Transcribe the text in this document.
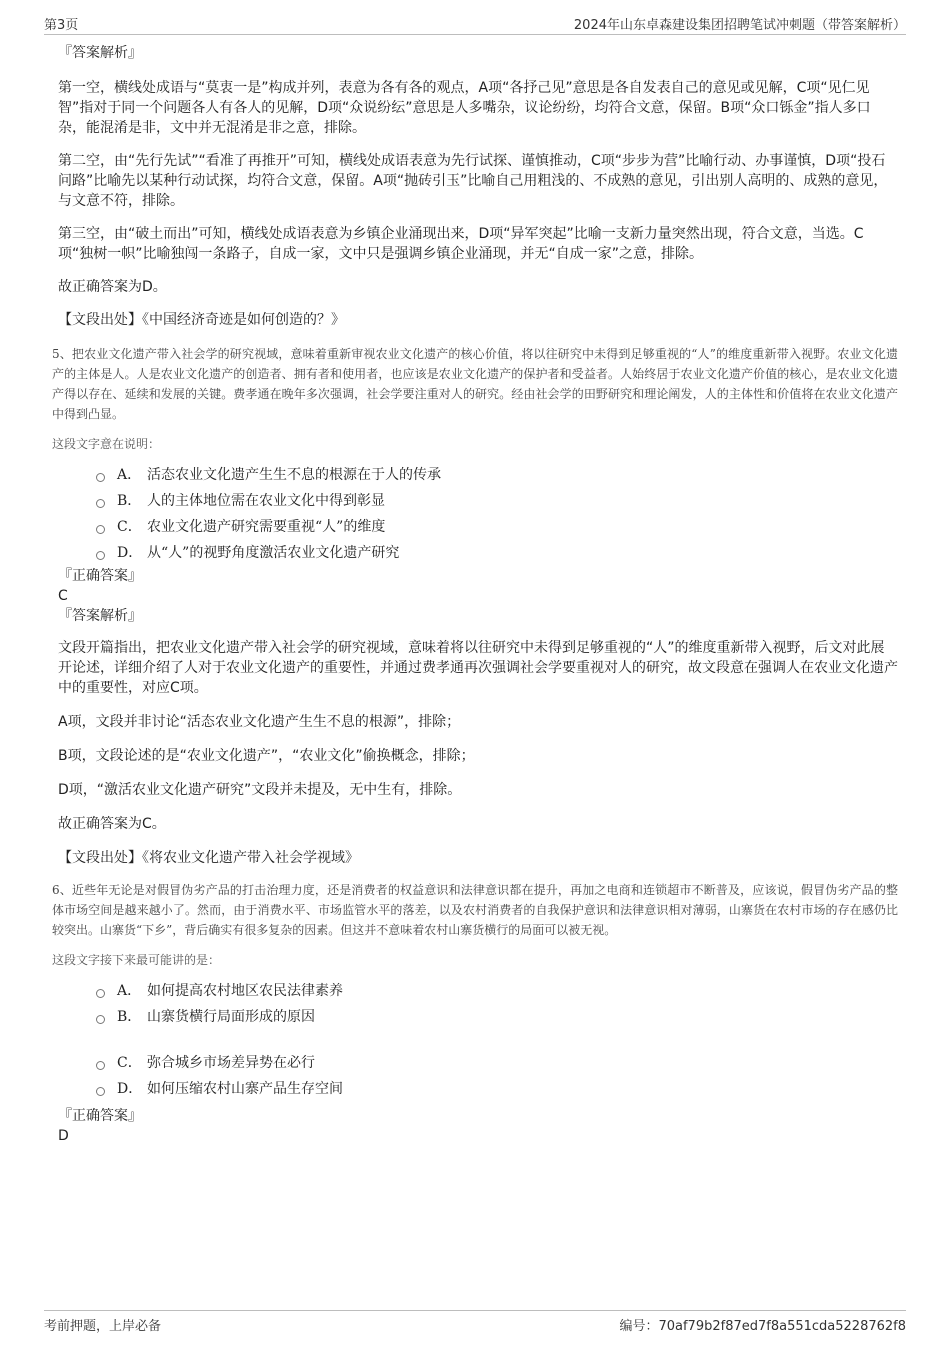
第3页	2024年山东卓森建设集团招聘笔试冲刺题（带答案解析）

『答案解析』

第一空，横线处成语与“莫衷一是”构成并列，表意为各有各的观点，A项“各抒己见”意思是各自发表自己的意见或见解，C项“见仁见智”指对于同一个问题各人有各人的见解，D项“众说纷纭”意思是人多嘴杂，议论纷纷，均符合文意，保留。B项“众口铄金”指人多口杂，能混淆是非，文中并无混淆是非之意，排除。

第二空，由“先行先试”“看准了再推开”可知，横线处成语表意为先行试探、谨慎推动，C项“步步为营”比喻行动、办事谨慎，D项“投石问路”比喻先以某种行动试探，均符合文意，保留。A项“抛砖引玉”比喻自己用粗浅的、不成熟的意见，引出别人高明的、成熟的意见，与文意不符，排除。

第三空，由“破土而出”可知，横线处成语表意为乡镇企业涌现出来，D项“异军突起”比喻一支新力量突然出现，符合文意，当选。C项“独树一帜”比喻独闯一条路子，自成一家，文中只是强调乡镇企业涌现，并无“自成一家”之意，排除。

故正确答案为D。

【文段出处】《中国经济奇迹是如何创造的？》

5、把农业文化遗产带入社会学的研究视域，意味着重新审视农业文化遗产的核心价值，将以往研究中未得到足够重视的“人”的维度重新带入视野。农业文化遗产的主体是人。人是农业文化遗产的创造者、拥有者和使用者，也应该是农业文化遗产的保护者和受益者。人始终居于农业文化遗产价值的核心，是农业文化遗产得以存在、延续和发展的关键。费孝通在晚年多次强调，社会学要注重对人的研究。经由社会学的田野研究和理论阐发，人的主体性和价值将在农业文化遗产中得到凸显。

这段文字意在说明：

A． 活态农业文化遗产生生不息的根源在于人的传承
B． 人的主体地位需在农业文化中得到彰显
C． 农业文化遗产研究需要重视“人”的维度
D． 从“人”的视野角度激活农业文化遗产研究

『正确答案』

C

『答案解析』

文段开篇指出，把农业文化遗产带入社会学的研究视域，意味着将以往研究中未得到足够重视的“人”的维度重新带入视野，后文对此展开论述，详细介绍了人对于农业文化遗产的重要性，并通过费孝通再次强调社会学要重视对人的研究，故文段意在强调人在农业文化遗产中的重要性，对应C项。

A项，文段并非讨论“活态农业文化遗产生生不息的根源”，排除；

B项，文段论述的是“农业文化遗产”，“农业文化”偷换概念，排除；

D项，“激活农业文化遗产研究”文段并未提及，无中生有，排除。

故正确答案为C。

【文段出处】《将农业文化遗产带入社会学视域》

6、近些年无论是对假冒伪劣产品的打击治理力度，还是消费者的权益意识和法律意识都在提升，再加之电商和连锁超市不断普及，应该说，假冒伪劣产品的整体市场空间是越来越小了。然而，由于消费水平、市场监管水平的落差，以及农村消费者的自我保护意识和法律意识相对薄弱，山寨货在农村市场的存在感仍比较突出。山寨货“下乡”，背后确实有很多复杂的因素。但这并不意味着农村山寨货横行的局面可以被无视。

这段文字接下来最可能讲的是：

A． 如何提高农村地区农民法律素养
B． 山寨货横行局面形成的原因
C． 弥合城乡市场差异势在必行
D． 如何压缩农村山寨产品生存空间

『正确答案』

D

考前押题，上岸必备	编号：70af79b2f87ed7f8a551cda5228762f8
